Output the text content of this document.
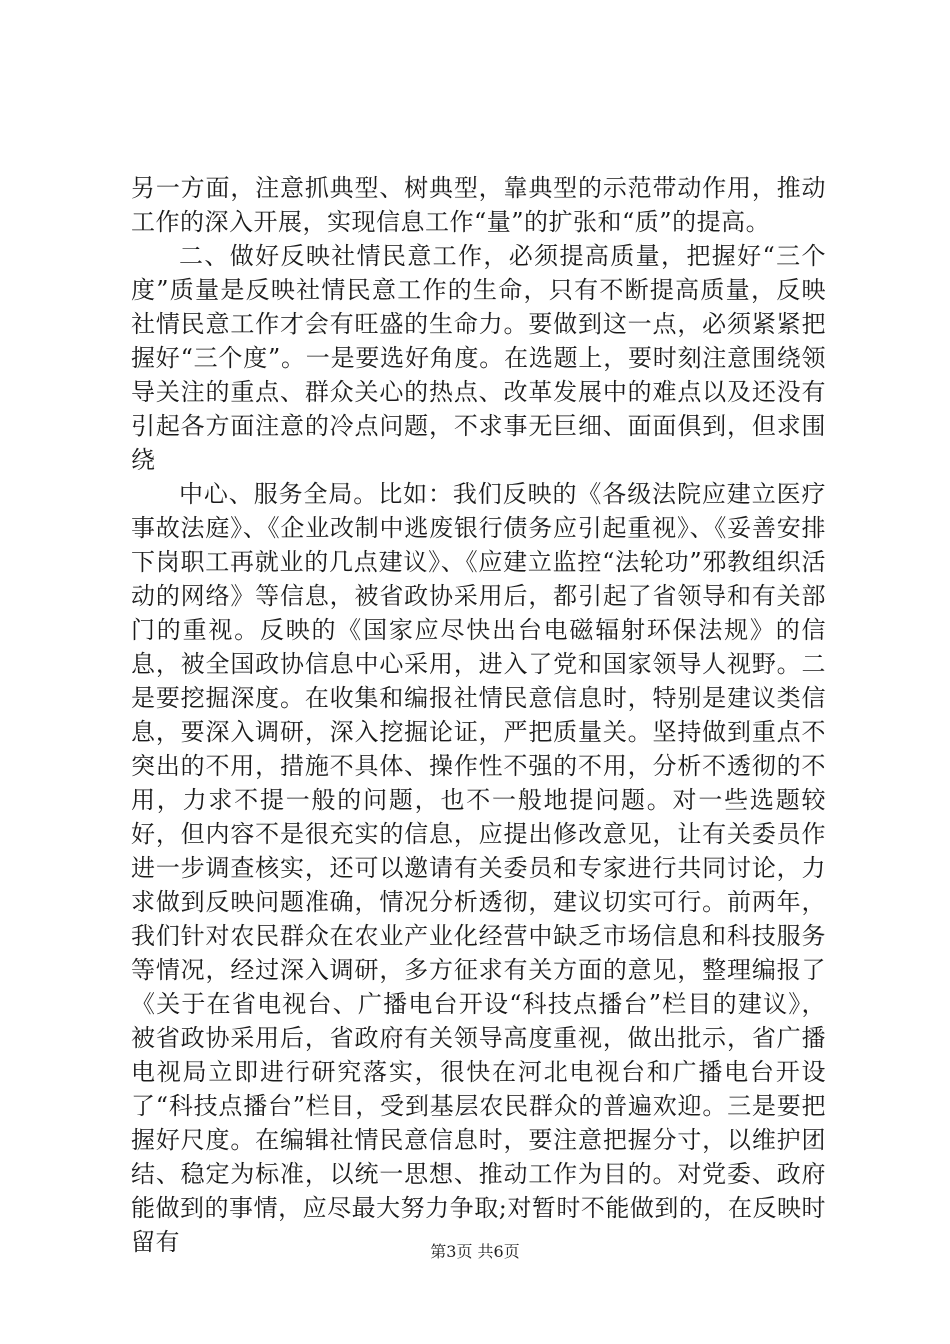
另一方面，注意抓典型、树典型，靠典型的示范带动作用，推动工作的深入开展，实现信息工作“量”的扩张和“质”的提高。

二、做好反映社情民意工作，必须提高质量，把握好“三个度”质量是反映社情民意工作的生命，只有不断提高质量，反映社情民意工作才会有旺盛的生命力。要做到这一点，必须紧紧把握好“三个度”。一是要选好角度。在选题上，要时刻注意围绕领导关注的重点、群众关心的热点、改革发展中的难点以及还没有引起各方面注意的冷点问题，不求事无巨细、面面俱到，但求围绕

中心、服务全局。比如：我们反映的《各级法院应建立医疗事故法庭》、《企业改制中逃废银行债务应引起重视》、《妥善安排下岗职工再就业的几点建议》、《应建立监控“法轮功”邪教组织活动的网络》等信息，被省政协采用后，都引起了省领导和有关部门的重视。反映的《国家应尽快出台电磁辐射环保法规》的信息，被全国政协信息中心采用，进入了党和国家领导人视野。二是要挖掘深度。在收集和编报社情民意信息时，特别是建议类信息，要深入调研，深入挖掘论证，严把质量关。坚持做到重点不突出的不用，措施不具体、操作性不强的不用，分析不透彻的不用，力求不提一般的问题，也不一般地提问题。对一些选题较好，但内容不是很充实的信息，应提出修改意见，让有关委员作进一步调查核实，还可以邀请有关委员和专家进行共同讨论，力求做到反映问题准确，情况分析透彻，建议切实可行。前两年，我们针对农民群众在农业产业化经营中缺乏市场信息和科技服务等情况，经过深入调研，多方征求有关方面的意见，整理编报了《关于在省电视台、广播电台开设“科技点播台”栏目的建议》，被省政协采用后，省政府有关领导高度重视，做出批示，省广播电视局立即进行研究落实，很快在河北电视台和广播电台开设了“科技点播台”栏目，受到基层农民群众的普遍欢迎。三是要把握好尺度。在编辑社情民意信息时，要注意把握分寸，以维护团结、稳定为标准，以统一思想、推动工作为目的。对党委、政府能做到的事情，应尽最大努力争取;对暂时不能做到的，在反映时留有	第3页 共6页
